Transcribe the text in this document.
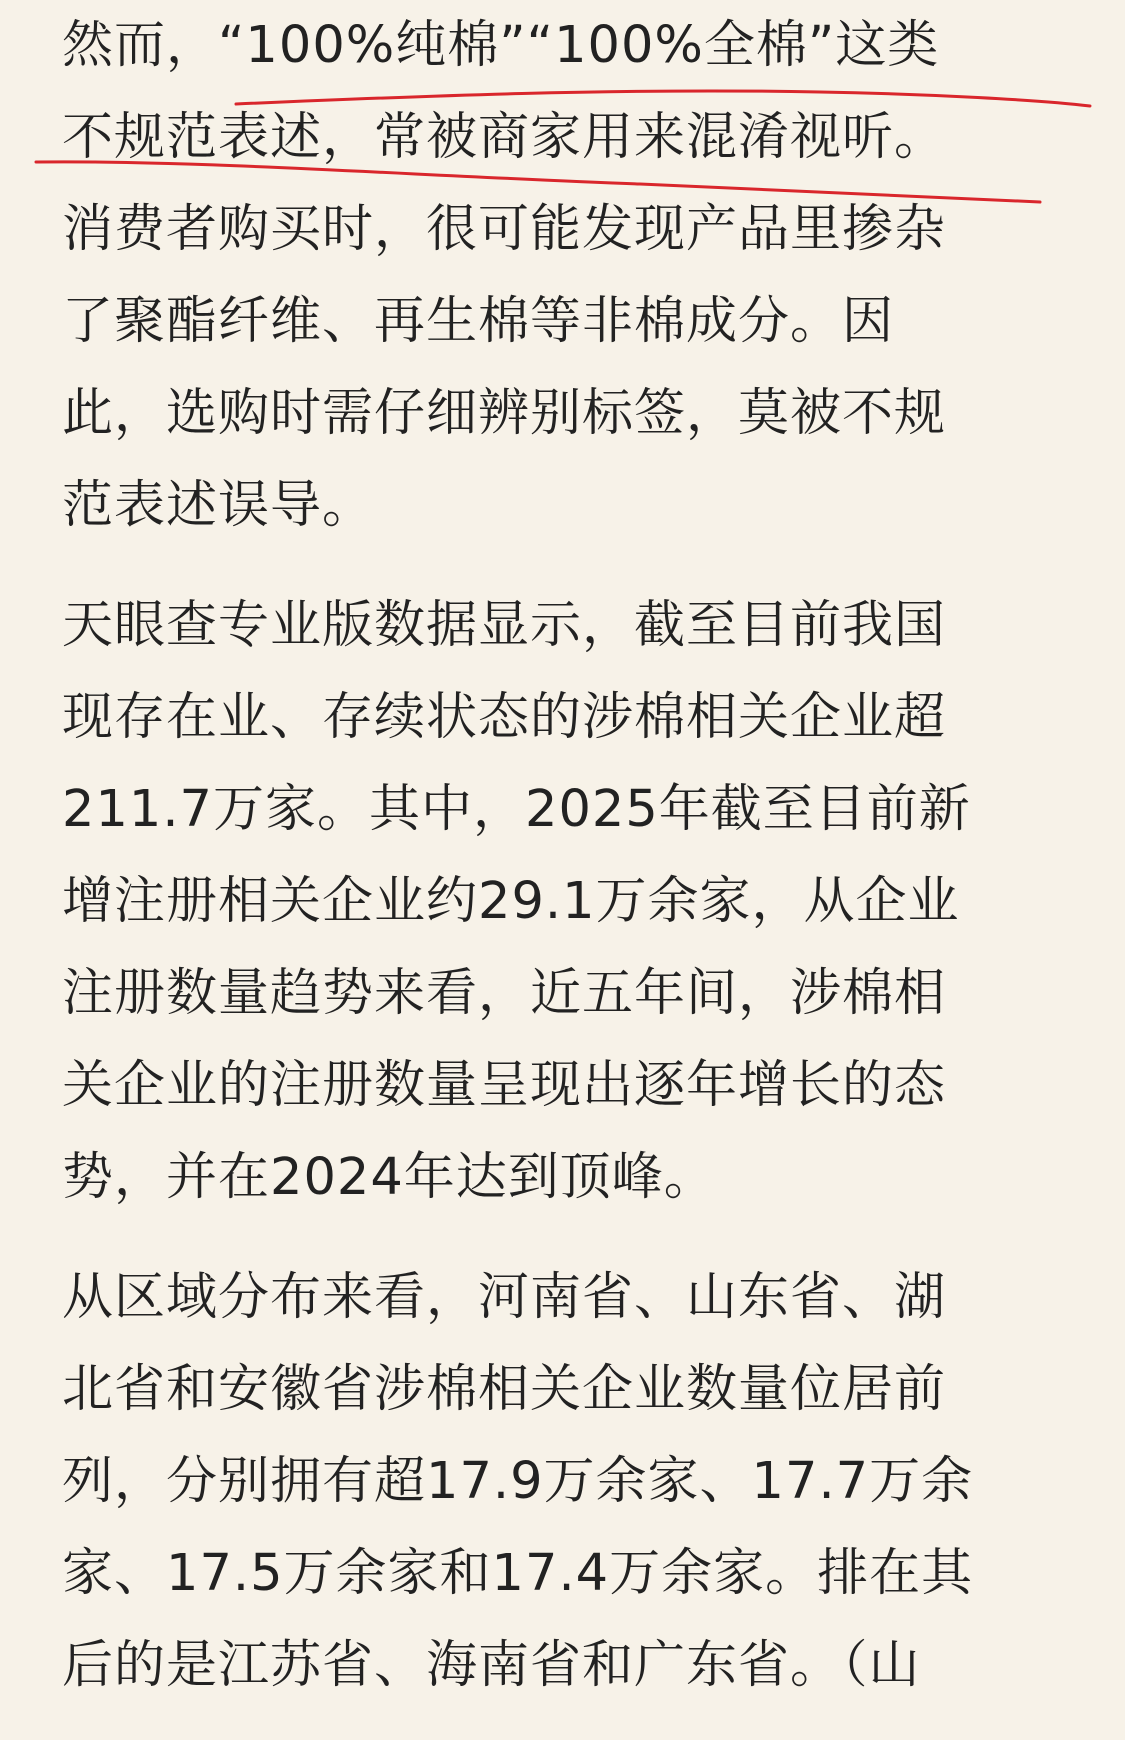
然而，“100%纯棉”“100%全棉”这类
不规范表述，常被商家用来混淆视听。
消费者购买时，很可能发现产品里掺杂
了聚酯纤维、再生棉等非棉成分。因
此，选购时需仔细辨别标签，莫被不规
范表述误导。
天眼查专业版数据显示，截至目前我国
现存在业、存续状态的涉棉相关企业超
211.7万家。其中，2025年截至目前新
增注册相关企业约29.1万余家，从企业
注册数量趋势来看，近五年间，涉棉相
关企业的注册数量呈现出逐年增长的态
势，并在2024年达到顶峰。
从区域分布来看，河南省、山东省、湖
北省和安徽省涉棉相关企业数量位居前
列，分别拥有超17.9万余家、17.7万余
家、17.5万余家和17.4万余家。排在其
后的是江苏省、海南省和广东省。（山
